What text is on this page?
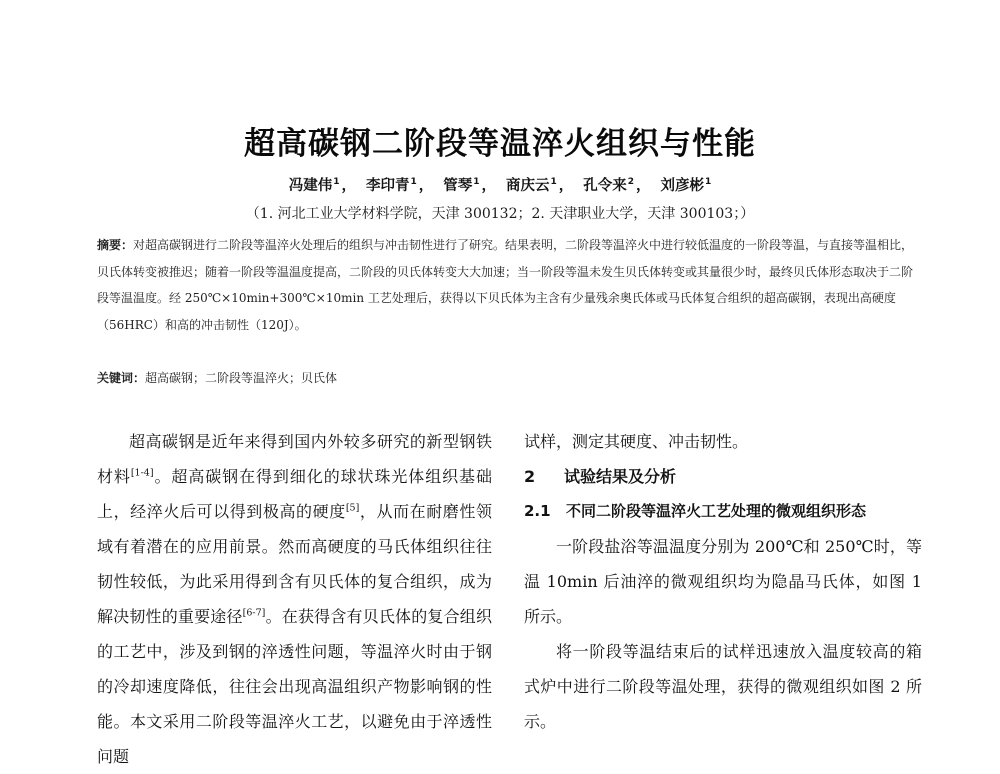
超高碳钢二阶段等温淬火组织与性能
冯建伟$^1$ ， 李印青$^1$ ， 管琴$^1$ ， 商庆云$^1$ ， 孔令来$^2$ ， 刘彦彬$^1$
（1. 河北工业大学材料学院，天津 300132；2. 天津职业大学，天津 300103；）
摘要：对超高碳钢进行二阶段等温淬火处理后的组织与冲击韧性进行了研究。结果表明，二阶段等温淬火中进行较低温度的一阶段等温，与直接等温相比，贝氏体转变被推迟；随着一阶段等温温度提高，二阶段的贝氏体转变大大加速；当一阶段等温未发生贝氏体转变或其量很少时，最终贝氏体形态取决于二阶段等温温度。经 250℃×10min+300℃×10min 工艺处理后，获得以下贝氏体为主含有少量残余奥氏体或马氏体复合组织的超高碳钢，表现出高硬度（56HRC）和高的冲击韧性（120J）。
关键词：超高碳钢；二阶段等温淬火；贝氏体

超高碳钢是近年来得到国内外较多研究的新型钢铁材料[1-4]。超高碳钢在得到细化的球状珠光体组织基础上，经淬火后可以得到极高的硬度[5]，从而在耐磨性领域有着潜在的应用前景。然而高硬度的马氏体组织往往韧性较低，为此采用得到含有贝氏体的复合组织，成为解决韧性的重要途径[6-7]。在获得含有贝氏体的复合组织的工艺中，涉及到钢的淬透性问题，等温淬火时由于钢的冷却速度降低，往往会出现高温组织产物影响钢的性能。本文采用二阶段等温淬火工艺，以避免由于淬透性问题

试样，测定其硬度、冲击韧性。

2 试验结果及分析

2.1 不同二阶段等温淬火工艺处理的微观组织形态

一阶段盐浴等温温度分别为 200℃和 250℃时，等温 10min 后油淬的微观组织均为隐晶马氏体，如图 1 所示。

将一阶段等温结束后的试样迅速放入温度较高的箱式炉中进行二阶段等温处理，获得的微观组织如图 2 所示。
